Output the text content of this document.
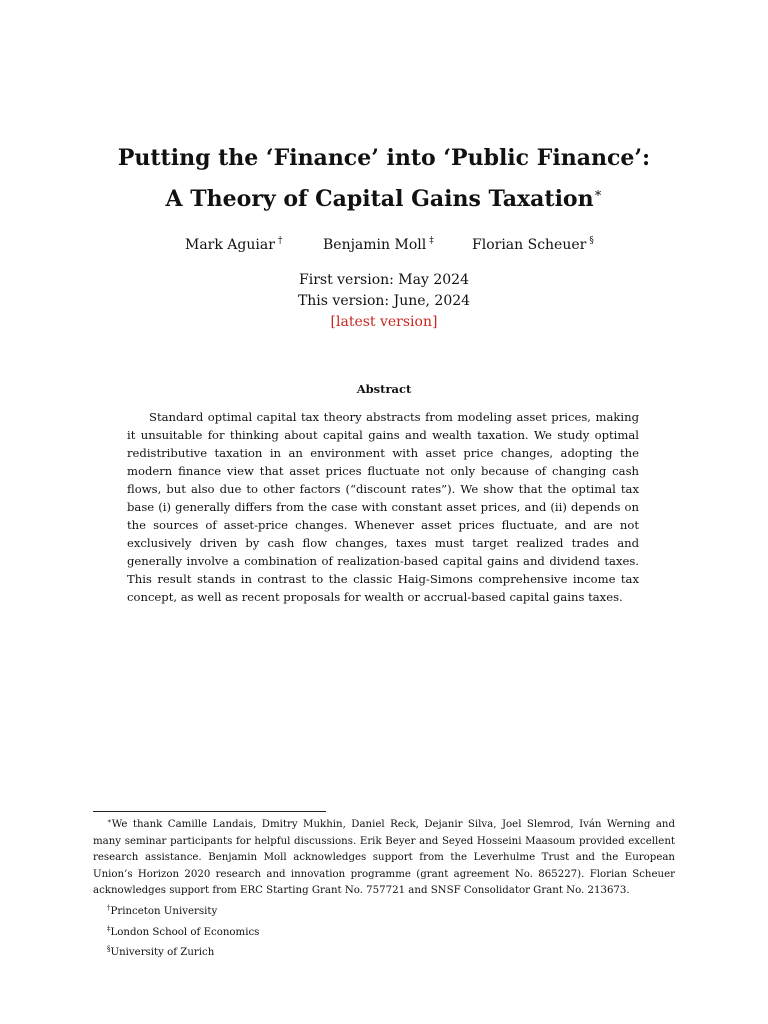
Putting the ‘Finance’ into ‘Public Finance’:
A Theory of Capital Gains Taxation∗
Mark Aguiar †	Benjamin Moll ‡	Florian Scheuer §
First version: May 2024
This version: June, 2024
[latest version]
Abstract

Standard optimal capital tax theory abstracts from modeling asset prices, making it unsuitable for thinking about capital gains and wealth taxation. We study optimal redistributive taxation in an environment with asset price changes, adopting the modern finance view that asset prices fluctuate not only because of changing cash flows, but also due to other factors (“discount rates”). We show that the optimal tax base (i) generally differs from the case with constant asset prices, and (ii) depends on the sources of asset-price changes. Whenever asset prices fluctuate, and are not exclusively driven by cash flow changes, taxes must target realized trades and generally involve a combination of realization-based capital gains and dividend taxes. This result stands in contrast to the classic Haig-Simons comprehensive income tax concept, as well as recent proposals for wealth or accrual-based capital gains taxes.

∗We thank Camille Landais, Dmitry Mukhin, Daniel Reck, Dejanir Silva, Joel Slemrod, Iván Werning and many seminar participants for helpful discussions. Erik Beyer and Seyed Hosseini Maasoum provided excellent research assistance. Benjamin Moll acknowledges support from the Leverhulme Trust and the European Union’s Horizon 2020 research and innovation programme (grant agreement No. 865227). Florian Scheuer acknowledges support from ERC Starting Grant No. 757721 and SNSF Consolidator Grant No. 213673.

†Princeton University

‡London School of Economics

§University of Zurich
